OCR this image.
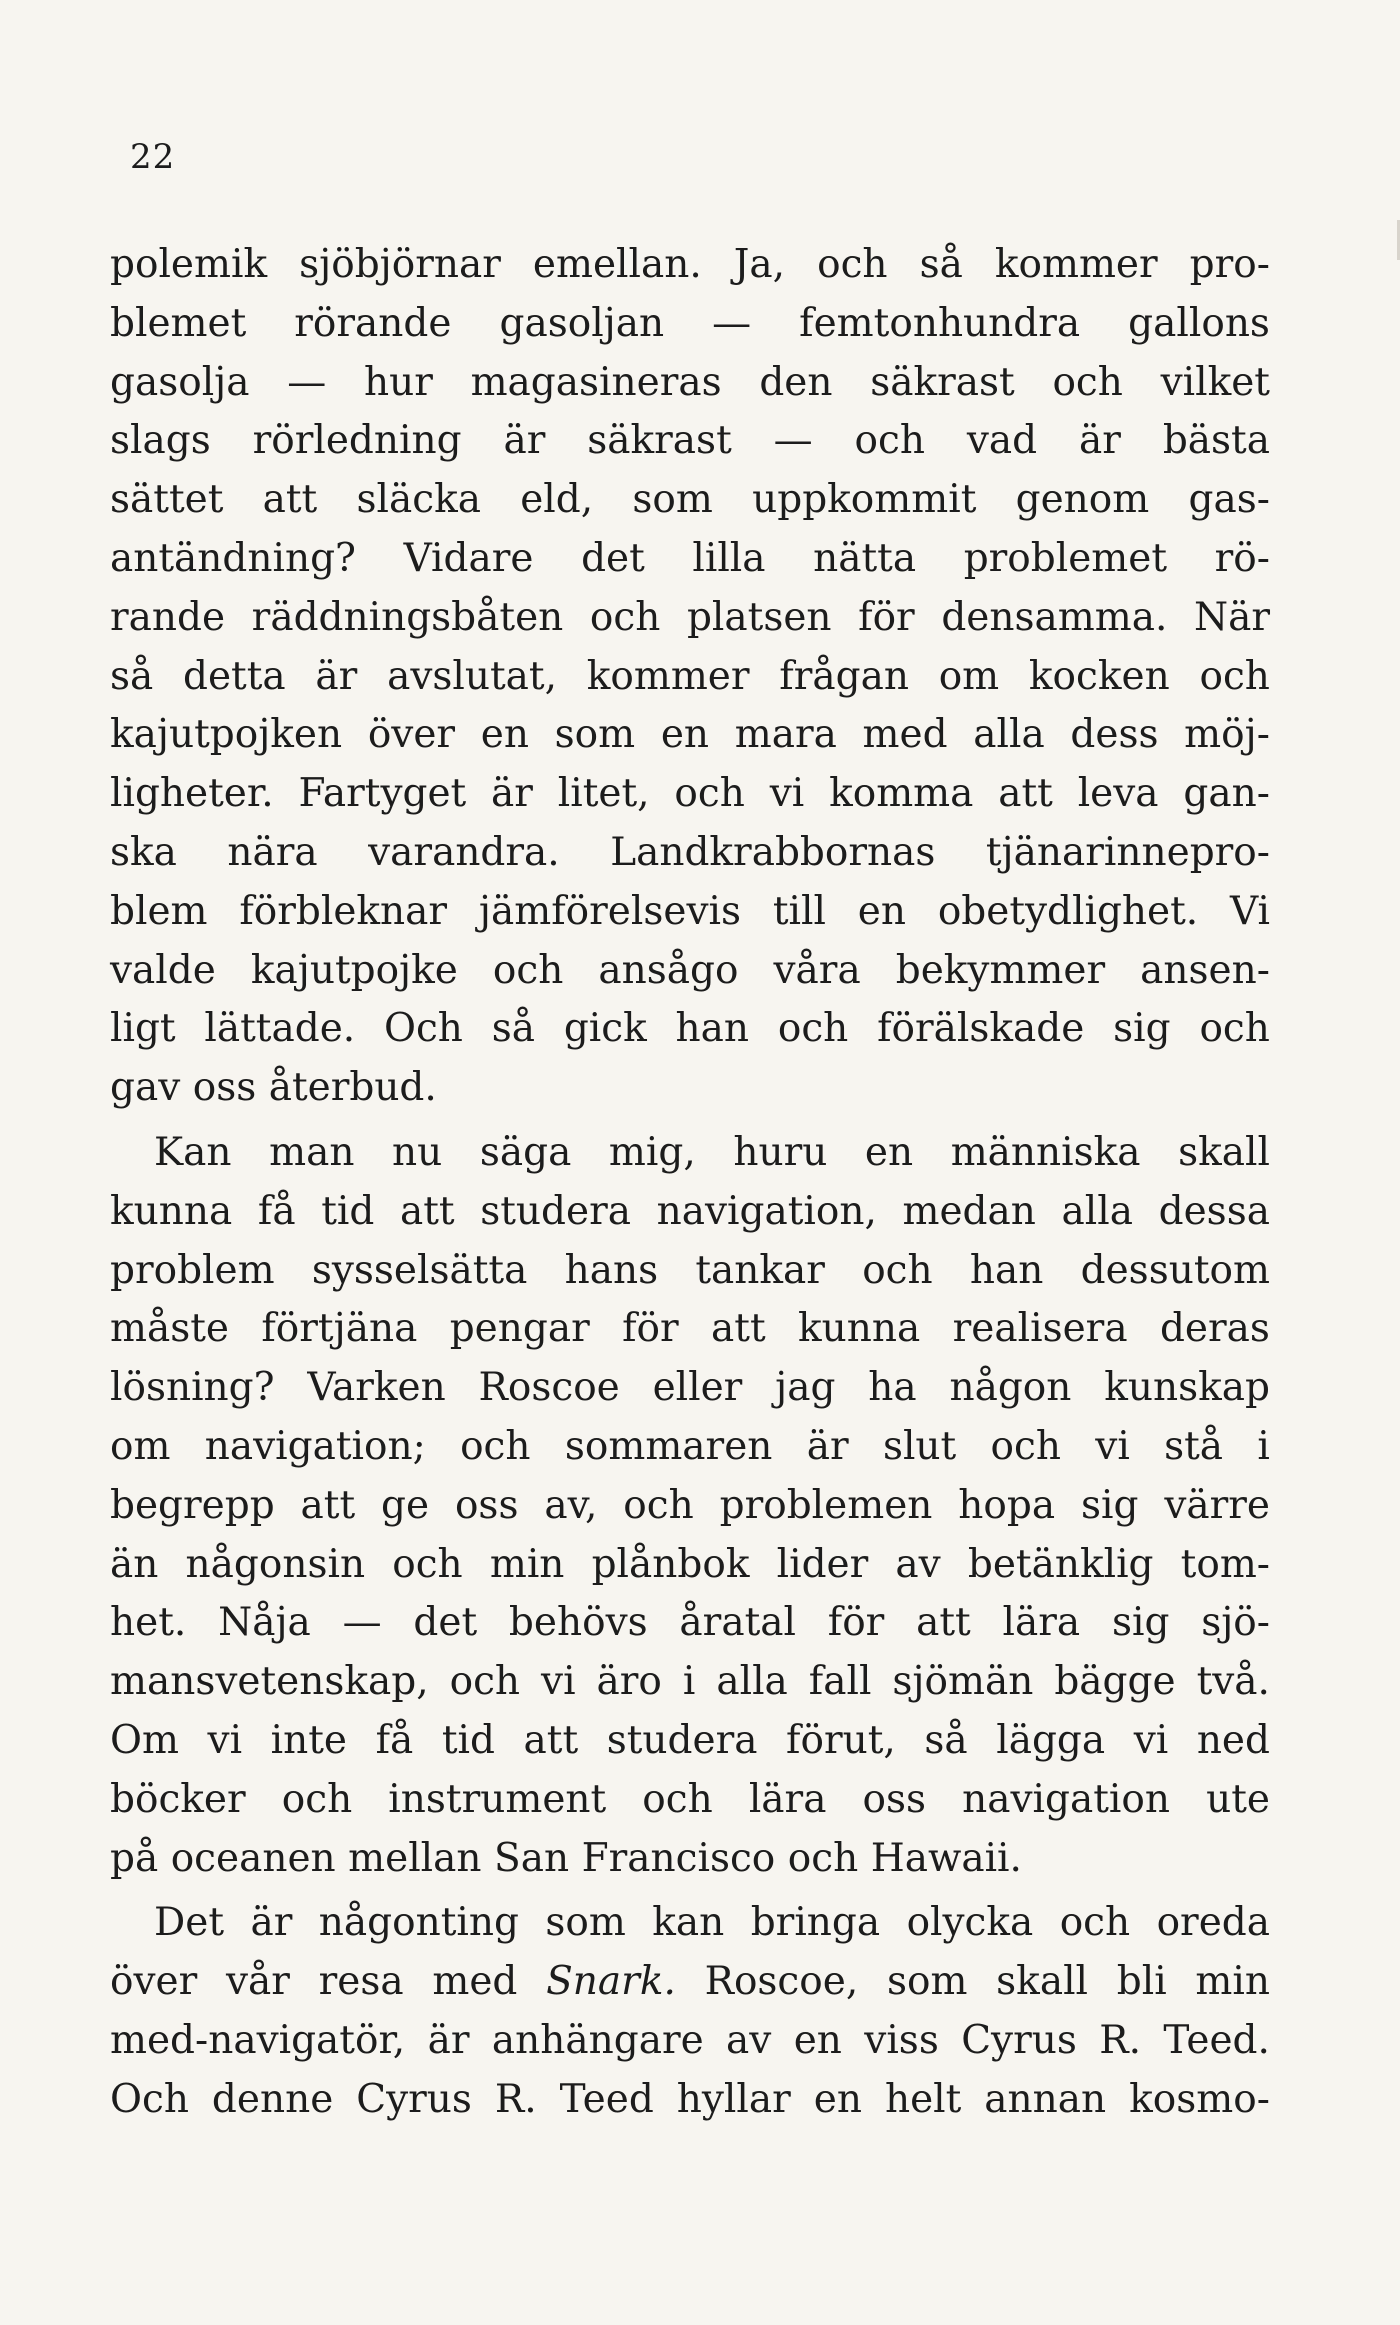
22
polemik sjöbjörnar emellan. Ja, och så kommer pro-
blemet rörande gasoljan — femtonhundra gallons
gasolja — hur magasineras den säkrast och vilket
slags rörledning är säkrast — och vad är bästa
sättet att släcka eld, som uppkommit genom gas-
antändning? Vidare det lilla nätta problemet rö-
rande räddningsbåten och platsen för densamma. När
så detta är avslutat, kommer frågan om kocken och
kajutpojken över en som en mara med alla dess möj-
ligheter. Fartyget är litet, och vi komma att leva gan-
ska nära varandra. Landkrabbornas tjänarinnepro-
blem förbleknar jämförelsevis till en obetydlighet. Vi
valde kajutpojke och ansågo våra bekymmer ansen-
ligt lättade. Och så gick han och förälskade sig och
gav oss återbud.
Kan man nu säga mig, huru en människa skall
kunna få tid att studera navigation, medan alla dessa
problem sysselsätta hans tankar och han dessutom
måste förtjäna pengar för att kunna realisera deras
lösning? Varken Roscoe eller jag ha någon kunskap
om navigation; och sommaren är slut och vi stå i
begrepp att ge oss av, och problemen hopa sig värre
än någonsin och min plånbok lider av betänklig tom-
het. Nåja — det behövs åratal för att lära sig sjö-
mansvetenskap, och vi äro i alla fall sjömän bägge två.
Om vi inte få tid att studera förut, så lägga vi ned
böcker och instrument och lära oss navigation ute
på oceanen mellan San Francisco och Hawaii.
Det är någonting som kan bringa olycka och oreda
över vår resa med Snark. Roscoe, som skall bli min
med-navigatör, är anhängare av en viss Cyrus R. Teed.
Och denne Cyrus R. Teed hyllar en helt annan kosmo-
